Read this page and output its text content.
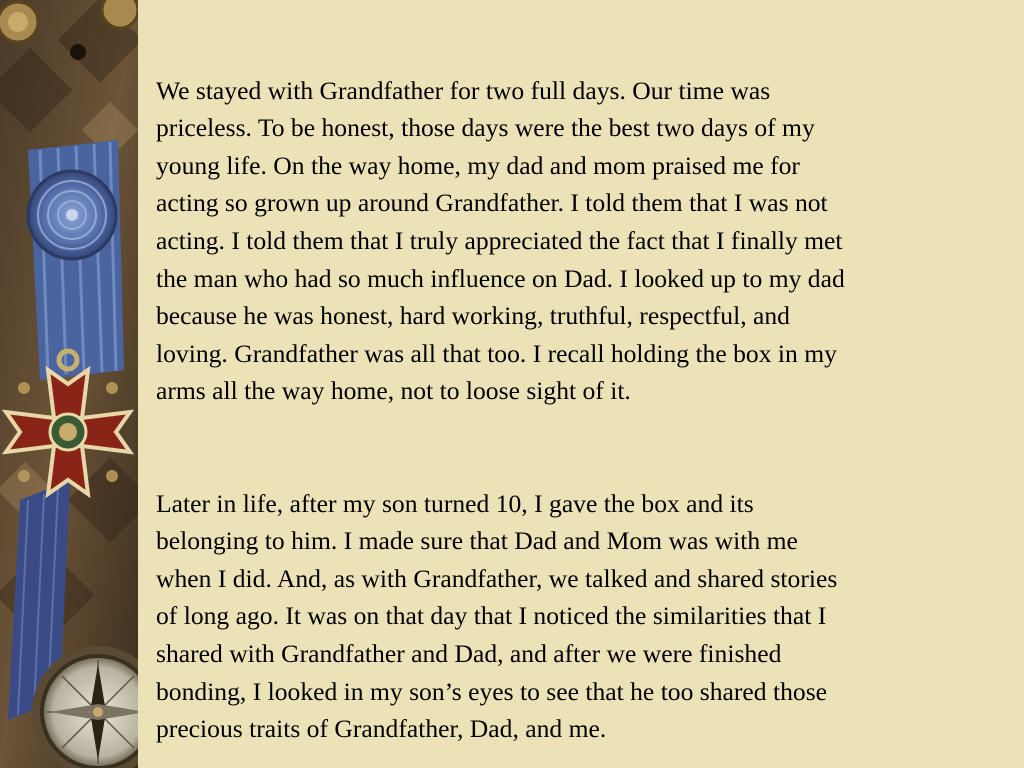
We stayed with Grandfather for two full days. Our time was
priceless. To be honest, those days were the best two days of my
young life. On the way home, my dad and mom praised me for
acting so grown up around Grandfather. I told them that I was not
acting. I told them that I truly appreciated the fact that I finally met
the man who had so much influence on Dad. I looked up to my dad
because he was honest, hard working, truthful, respectful, and
loving. Grandfather was all that too. I recall holding the box in my
arms all the way home, not to loose sight of it.

Later in life, after my son turned 10, I gave the box and its
belonging to him. I made sure that Dad and Mom was with me
when I did. And, as with Grandfather, we talked and shared stories
of long ago. It was on that day that I noticed the similarities that I
shared with Grandfather and Dad, and after we were finished
bonding, I looked in my son’s eyes to see that he too shared those
precious traits of Grandfather, Dad, and me.
